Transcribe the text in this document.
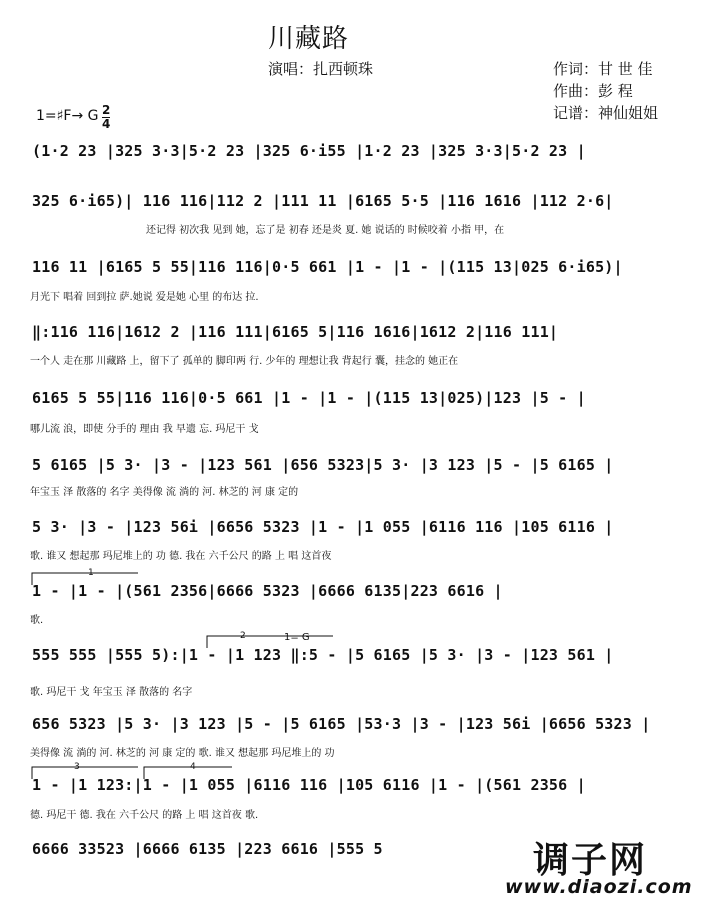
川藏路
演唱：扎西顿珠	作词：甘 世 佳
作曲：彭 程
记谱：神仙姐姐
1=♯F→ G 2
4
(1·2 23 |325 3·3|5·2 23 |325 6·i55 |1·2 23 |325 3·3|5·2 23 |
325 6·i65)| 116 116|112 2 |111 11 |6165 5·5 |116 1616 |112 2·6|
还记得 初次我 见到 她，忘了是 初春 还是炎 夏. 她 说话的 时候咬着 小指 甲，在
116 11 |6165 5 55|116 116|0·5 661 |1 - |1 - |(115 13|025 6·i65)|
月光下 唱着 回到拉 萨.她说 爱是她 心里 的布达 拉.
‖:116 116|1612 2 |116 111|6165 5|116 1616|1612 2|116 111|
一个人 走在那 川藏路 上，留下了 孤单的 脚印两 行. 少年的 理想让我 背起行 囊，挂念的 她正在
6165 5 55|116 116|0·5 661 |1 - |1 - |(115 13|025)|123 |5 - |
哪儿流 浪，即使 分手的 理由 我 早遗 忘. 玛尼干 戈
5 6165 |5 3· |3 - |123 561 |656 5323|5 3· |3 123 |5 - |5 6165 |
年宝玉 泽 散落的 名字 美得像 流 淌的 河. 林芝的 河 康 定的
5 3· |3 - |123 56i |6656 5323 |1 - |1 055 |6116 116 |105 6116 |
歌. 谁又 想起那 玛尼堆上的 功 德. 我在 六千公尺 的路 上 唱 这首夜
1
1 - |1 - |(561 2356|6666 5323 |6666 6135|223 6616 |
歌.
2	1= G
555 555 |555 5):|1 - |1 123 ‖:5 - |5 6165 |5 3· |3 - |123 561 |
歌. 玛尼干 戈 年宝玉 泽 散落的 名字
656 5323 |5 3· |3 123 |5 - |5 6165 |53·3 |3 - |123 56i |6656 5323 |
美得像 流 淌的 河. 林芝的 河 康 定的 歌. 谁又 想起那 玛尼堆上的 功
3	4
1 - |1 123:|1 - |1 055 |6116 116 |105 6116 |1 - |(561 2356 |
德. 玛尼干 德. 我在 六千公尺 的路 上 唱 这首夜 歌.
6666 33523 |6666 6135 |223 6616 |555 5	调子网
www.diaozi.com
